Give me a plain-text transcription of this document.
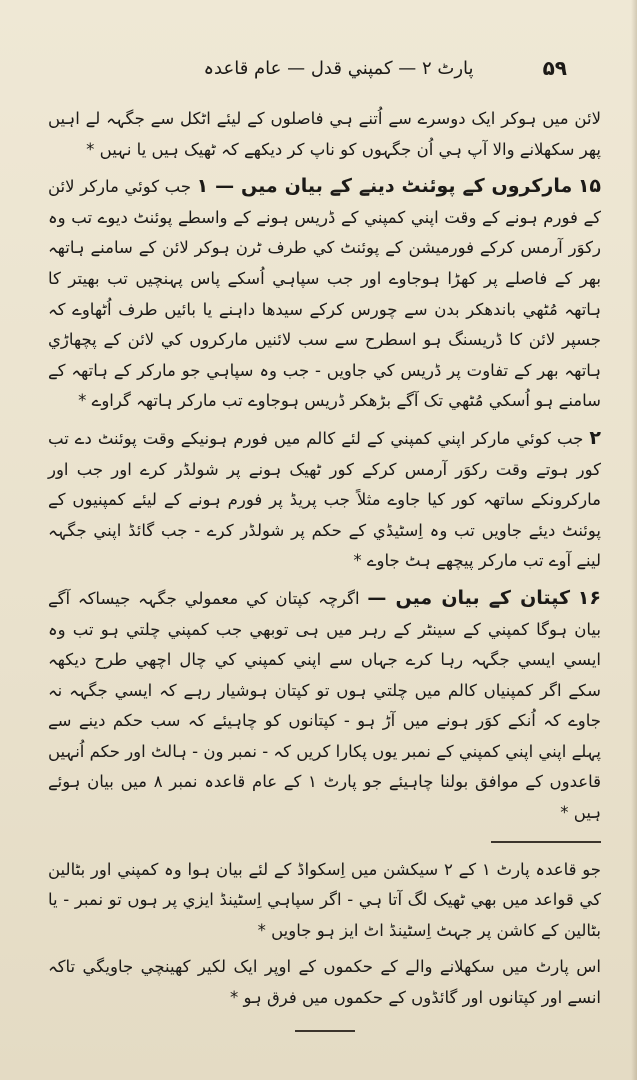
۵۹
پارٹ ۲ — کمپني قدل — عام قاعدہ

لائن میں ہوکر ایک دوسرے سے اُتنے ہي فاصلوں کے لیئے اٹکل سے جگہہ لے اہیں پھر سکھلانے والا آپ ہي اُن جگہوں کو ناپ کر دیکھے کہ ٹھیک ہیں یا نہیں *

۱۵ مارکروں کے پوئنٹ دینے کے بیان میں — ۱ جب کوئي مارکر لائن کے فورم ہونے کے وقت اپني کمپني کے ڈریس ہونے کے واسطے پوئنٹ دیوے تب وہ رکوَر آرمس کرکے فورمیشن کے پوئنٹ کي طرف ٹرن ہوکر لائن کے سامنے ہاتھہ بھر کے فاصلے پر کھڑا ہوجاوے اور جب سپاہي اُسکے پاس پہنچیں تب بھیتر کا ہاتھہ مُٹھي باندھکر بدن سے چورس کرکے سیدھا داہنے یا بائیں طرف اُٹھاوے کہ جسپر لائن کا ڈریسنگ ہو اسطرح سے سب لائنیں مارکروں کي لائن کے پچھاڑي ہاتھہ بھر کے تفاوت پر ڈریس کي جاویں - جب وہ سپاہي جو مارکر کے ہاتھہ کے سامنے ہو اُسکي مُٹھي تک آگے بڑھکر ڈریس ہوجاوے تب مارکر ہاتھہ گراوے *

۲ جب کوئي مارکر اپني کمپني کے لئے کالم میں فورم ہونیکے وقت پوئنٹ دے تب کور ہوتے وقت رکوَر آرمس کرکے کور ٹھیک ہونے پر شولڈر کرے اور جب اور مارکرونکے ساتھہ کور کیا جاوے مثلاً جب پریڈ پر فورم ہونے کے لیئے کمپنیوں کے پوئنٹ دیئے جاویں تب وہ اِسٹیڈي کے حکم پر شولڈر کرے - جب گائڈ اپني جگہہ لینے آوے تب مارکر پیچھے ہٹ جاوے *

۱۶ کپتان کے بیان میں — اگرچہ کپتان کي معمولي جگہہ جیساکہ آگے بیان ہوگا کمپني کے سینٹر کے رہر میں ہی توبھي جب کمپني چلتي ہو تب وہ ایسي ایسي جگہہ رہا کرے جہاں سے اپني کمپني کي چال اچھي طرح دیکھہ سکے اگر کمپنیاں کالم میں چلتي ہوں تو کپتان ہوشیار رہے کہ ایسي جگہہ نہ جاوے کہ اُنکے کوَر ہونے میں آڑ ہو - کپتانوں کو چاہیئے کہ سب حکم دینے سے پہلے اپني اپني کمپني کے نمبر یوں پکارا کریں کہ - نمبر ون - ہالٹ اور حکم اُنہیں قاعدوں کے موافق بولنا چاہیئے جو پارٹ ۱ کے عام قاعدہ نمبر ۸ میں بیان ہوئے ہیں *

جو قاعدہ پارٹ ۱ کے ۲ سیکشن میں اِسکواڈ کے لئے بیان ہوا وہ کمپني اور بٹالین کي قواعد میں بھي ٹھیک لگ آتا ہي - اگر سپاہي اِسٹینڈ ایزي پر ہوں تو نمبر - یا بٹالین کے کاشن پر جہٹ اِسٹینڈ اٹ ایز ہو جاویں *

اس پارٹ میں سکھلانے والے کے حکموں کے اوپر ایک لکیر کھینچي جاویگي تاکہ انسے اور کپتانوں اور گائڈوں کے حکموں میں فرق ہو *
